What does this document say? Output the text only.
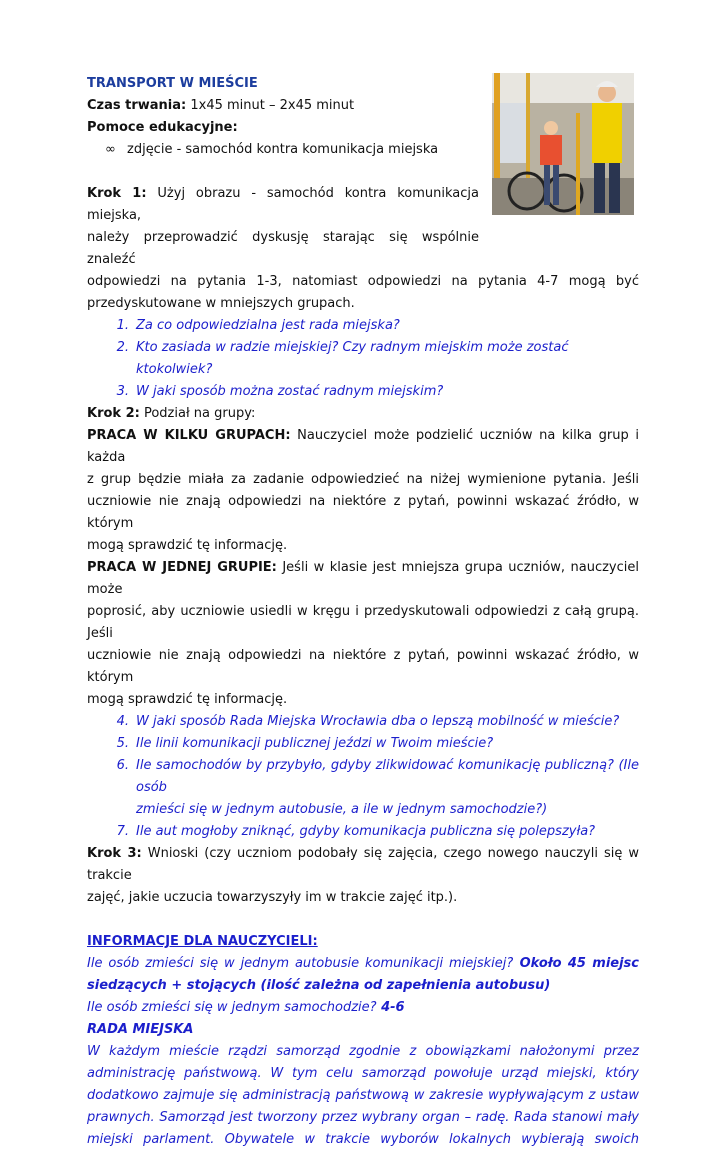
TRANSPORT W MIEŚCIE

Czas trwania: 1x45 minut – 2x45 minut

Pomoce edukacyjne:

∞ zdjęcie - samochód kontra komunikacja miejska

Krok 1: Użyj obrazu - samochód kontra komunikacja miejska,

należy przeprowadzić dyskusję starając się wspólnie znaleźć

odpowiedzi na pytania 1-3, natomiast odpowiedzi na pytania 4-7 mogą być

przedyskutowane w mniejszych grupach.

1. Za co odpowiedzialna jest rada miejska?
2. Kto zasiada w radzie miejskiej? Czy radnym miejskim może zostać ktokolwiek?
3. W jaki sposób można zostać radnym miejskim?

Krok 2: Podział na grupy:

PRACA W KILKU GRUPACH: Nauczyciel może podzielić uczniów na kilka grup i każda

z grup będzie miała za zadanie odpowiedzieć na niżej wymienione pytania. Jeśli

uczniowie nie znają odpowiedzi na niektóre z pytań, powinni wskazać źródło, w którym

mogą sprawdzić tę informację.

PRACA W JEDNEJ GRUPIE: Jeśli w klasie jest mniejsza grupa uczniów, nauczyciel może

poprosić, aby uczniowie usiedli w kręgu i przedyskutowali odpowiedzi z całą grupą. Jeśli

uczniowie nie znają odpowiedzi na niektóre z pytań, powinni wskazać źródło, w którym

mogą sprawdzić tę informację.

4. W jaki sposób Rada Miejska Wrocławia dba o lepszą mobilność w mieście?
5. Ile linii komunikacji publicznej jeździ w Twoim mieście?
6. Ile samochodów by przybyło, gdyby zlikwidować komunikację publiczną? (Ile osób
zmieści się w jednym autobusie, a ile w jednym samochodzie?)
7. Ile aut mogłoby zniknąć, gdyby komunikacja publiczna się polepszyła?

Krok 3: Wnioski (czy uczniom podobały się zajęcia, czego nowego nauczyli się w trakcie

zajęć, jakie uczucia towarzyszyły im w trakcie zajęć itp.).

INFORMACJE DLA NAUCZYCIELI:

Ile osób zmieści się w jednym autobusie komunikacji miejskiej? Około 45 miejsc

siedzących + stojących (ilość zależna od zapełnienia autobusu)

Ile osób zmieści się w jednym samochodzie? 4-6

RADA MIEJSKA

W każdym mieście rządzi samorząd zgodnie z obowiązkami nałożonymi przez

administrację państwową. W tym celu samorząd powołuje urząd miejski, który

dodatkowo zajmuje się administracją państwową w zakresie wypływającym z ustaw

prawnych. Samorząd jest tworzony przez wybrany organ – radę. Rada stanowi mały

miejski parlament. Obywatele w trakcie wyborów lokalnych wybierają swoich
